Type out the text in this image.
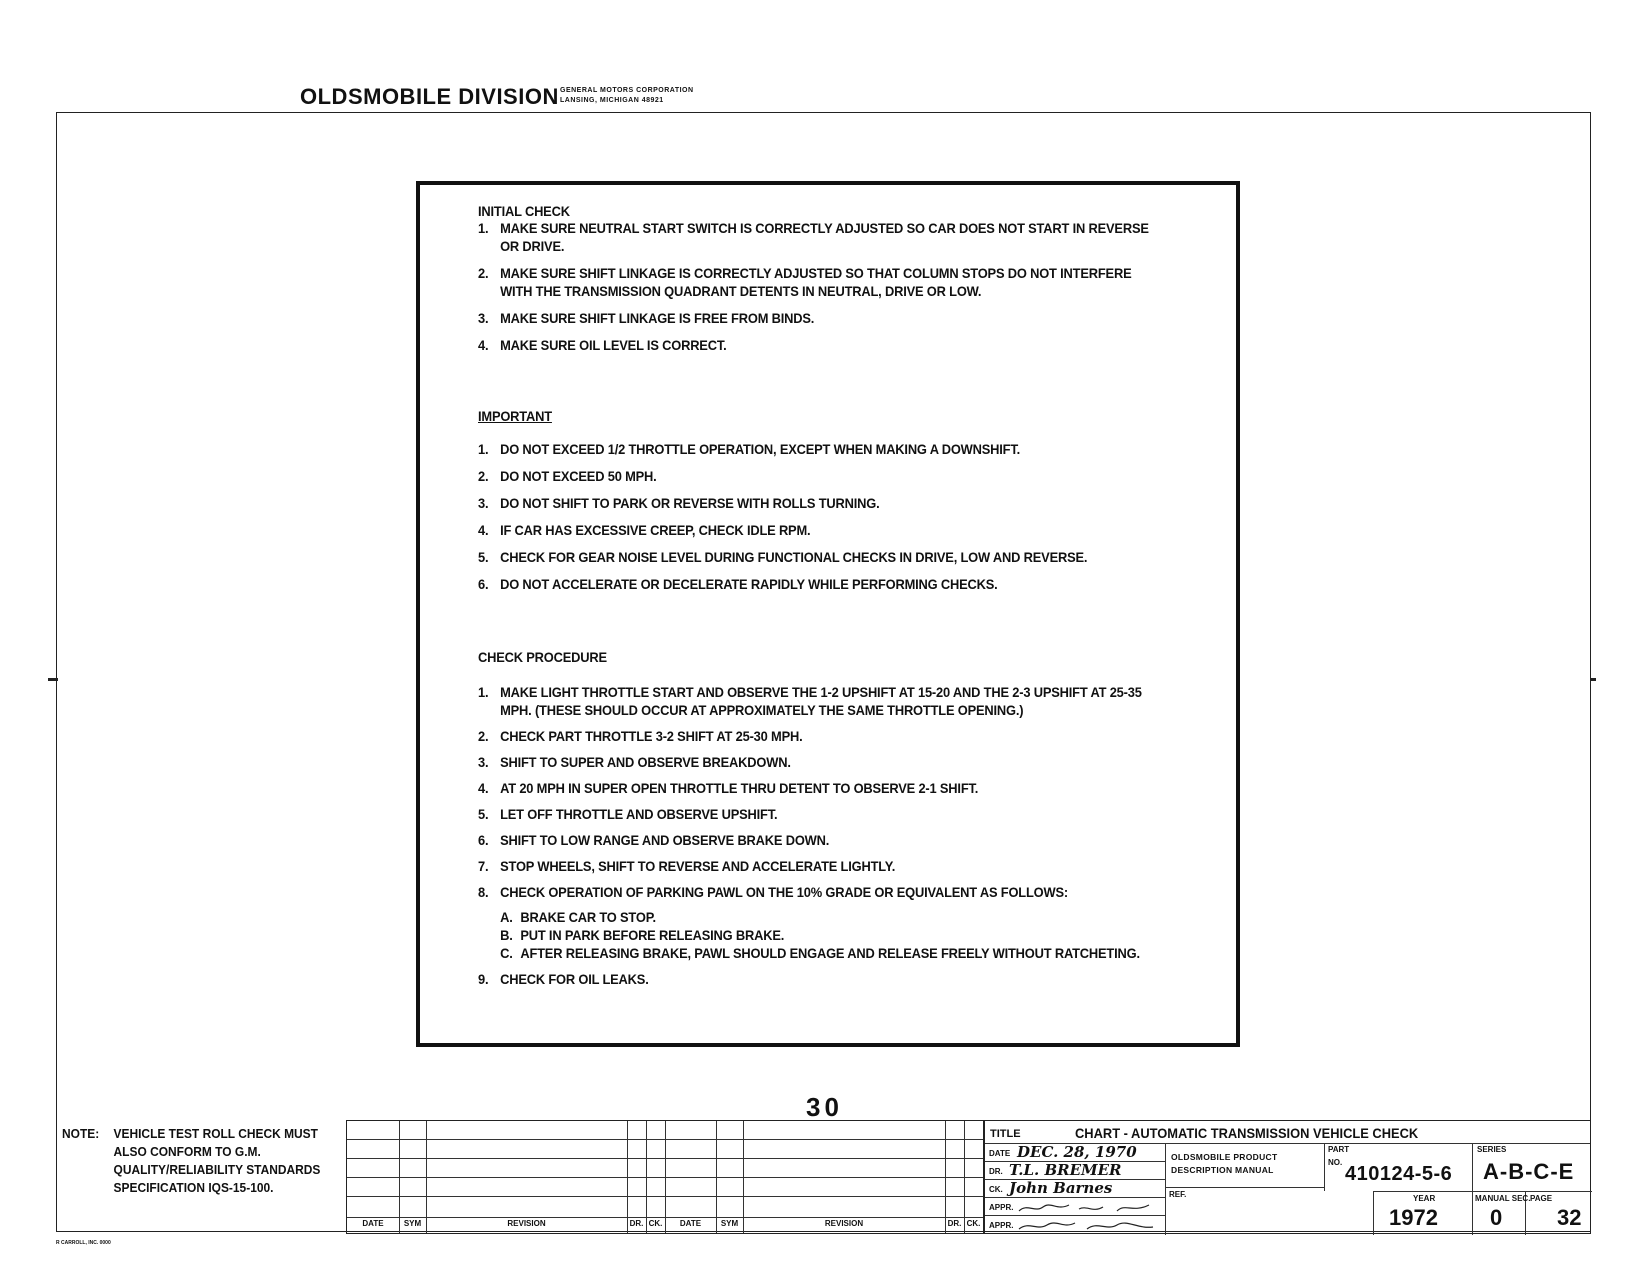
OLDSMOBILE DIVISION GENERAL MOTORS CORPORATION
LANSING, MICHIGAN 48921

INITIAL CHECK

1. MAKE SURE NEUTRAL START SWITCH IS CORRECTLY ADJUSTED SO CAR DOES NOT START IN REVERSE OR DRIVE.
2. MAKE SURE SHIFT LINKAGE IS CORRECTLY ADJUSTED SO THAT COLUMN STOPS DO NOT INTERFERE WITH THE TRANSMISSION QUADRANT DETENTS IN NEUTRAL, DRIVE OR LOW.
3. MAKE SURE SHIFT LINKAGE IS FREE FROM BINDS.
4. MAKE SURE OIL LEVEL IS CORRECT.

IMPORTANT

1. DO NOT EXCEED 1/2 THROTTLE OPERATION, EXCEPT WHEN MAKING A DOWNSHIFT.
2. DO NOT EXCEED 50 MPH.
3. DO NOT SHIFT TO PARK OR REVERSE WITH ROLLS TURNING.
4. IF CAR HAS EXCESSIVE CREEP, CHECK IDLE RPM.
5. CHECK FOR GEAR NOISE LEVEL DURING FUNCTIONAL CHECKS IN DRIVE, LOW AND REVERSE.
6. DO NOT ACCELERATE OR DECELERATE RAPIDLY WHILE PERFORMING CHECKS.

CHECK PROCEDURE

1. MAKE LIGHT THROTTLE START AND OBSERVE THE 1-2 UPSHIFT AT 15-20 AND THE 2-3 UPSHIFT AT 25-35 MPH. (THESE SHOULD OCCUR AT APPROXIMATELY THE SAME THROTTLE OPENING.)
2. CHECK PART THROTTLE 3-2 SHIFT AT 25-30 MPH.
3. SHIFT TO SUPER AND OBSERVE BREAKDOWN.
4. AT 20 MPH IN SUPER OPEN THROTTLE THRU DETENT TO OBSERVE 2-1 SHIFT.
5. LET OFF THROTTLE AND OBSERVE UPSHIFT.
6. SHIFT TO LOW RANGE AND OBSERVE BRAKE DOWN.
7. STOP WHEELS, SHIFT TO REVERSE AND ACCELERATE LIGHTLY.
8. CHECK OPERATION OF PARKING PAWL ON THE 10% GRADE OR EQUIVALENT AS FOLLOWS:
A. BRAKE CAR TO STOP.
B. PUT IN PARK BEFORE RELEASING BRAKE.
C. AFTER RELEASING BRAKE, PAWL SHOULD ENGAGE AND RELEASE FREELY WITHOUT RATCHETING.
9. CHECK FOR OIL LEAKS.
30
NOTE: VEHICLE TEST ROLL CHECK MUST ALSO CONFORM TO G.M. QUALITY/RELIABILITY STANDARDS SPECIFICATION IQS-15-100.
DATE	SYM	REVISION	DR. CK.	DATE	SYM	REVISION	DR. CK.
TITLE	CHART - AUTOMATIC TRANSMISSION VEHICLE CHECK
DATE DEC. 28, 1970
DR. T.L. BREMER
CK. John Barnes
APPR.
APPR.
OLDSMOBILE PRODUCT
DESCRIPTION MANUAL
REF.
PART
NO.
410124-5-6
SERIES
A-B-C-E
YEAR
1972
MANUAL SEC.
0
PAGE
32
R CARROLL, INC. 0000
